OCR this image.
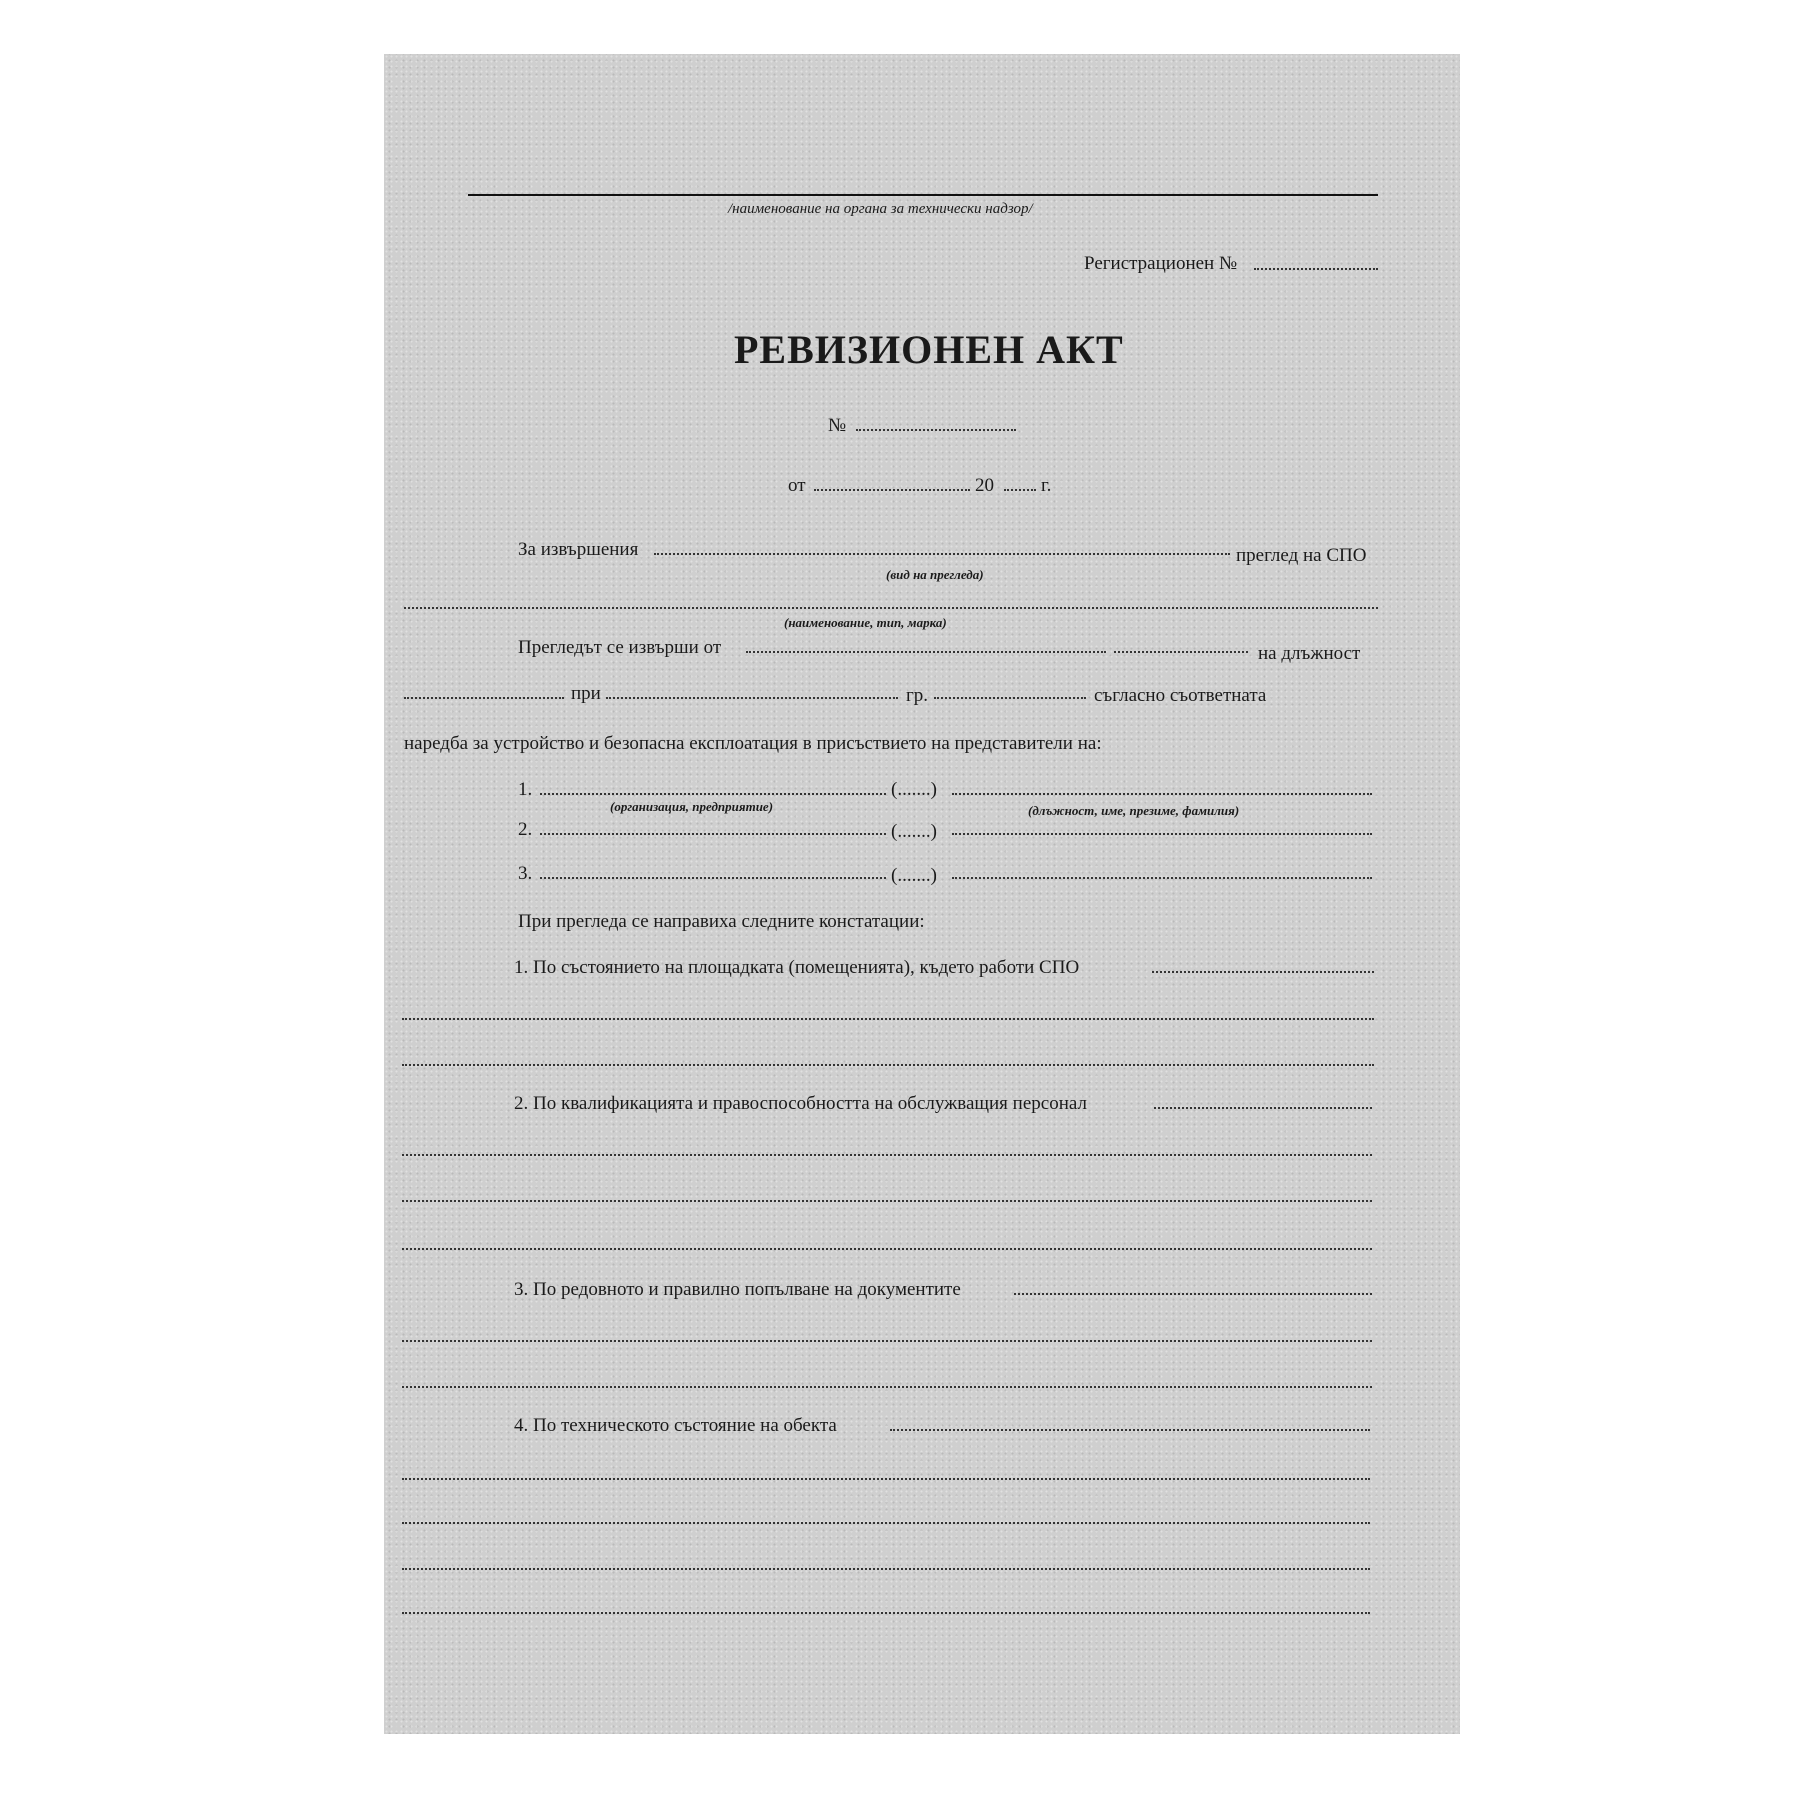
/наименование на органа за технически надзор/
Регистрационен №
РЕВИЗИОНЕН АКТ
№
от	20 г.
За извършения
(вид на прегледа)
преглед на СПО
(наименование, тип, марка)
Прегледът се извърши от	на длъжност
при	гр.	съгласно съответната
наредба за устройство и безопасна експлоатация в присъствието на представители на:
1.	(.......)
(организация, предприятие)	(длъжност, име, презиме, фамилия)
2.	(.......)
3.	(.......)
При прегледа се направиха следните констатации:
1. По състоянието на площадката (помещенията), където работи СПО
2. По квалификацията и правоспособността на обслужващия персонал
3. По редовното и правилно попълване на документите
4. По техническото състояние на обекта
